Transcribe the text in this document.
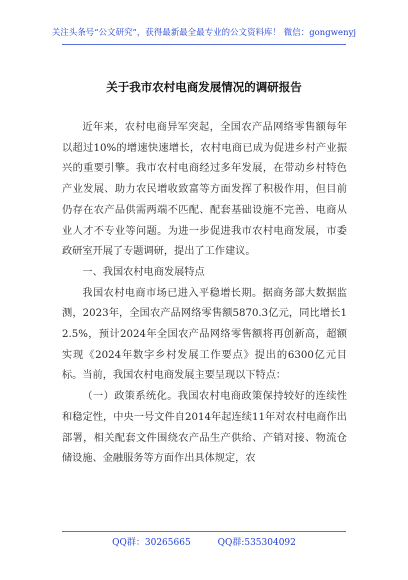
关注头条号“公文研究”，获得最新最全最专业的公文资料库！ 微信：gongwenyj
关于我市农村电商发展情况的调研报告

近年来，农村电商异军突起，全国农产品网络零售额每年以超过10%的增速快速增长，农村电商已成为促进乡村产业振兴的重要引擎。我市农村电商经过多年发展，在带动乡村特色产业发展、助力农民增收致富等方面发挥了积极作用，但目前仍存在农产品供需两端不匹配、配套基础设施不完善、电商从业人才不专业等问题。为进一步促进我市农村电商发展，市委政研室开展了专题调研，提出了工作建议。

一、我国农村电商发展特点

我国农村电商市场已进入平稳增长期。据商务部大数据监测，2023年，全国农产品网络零售额5870.3亿元，同比增长12.5%，预计2024年全国农产品网络零售额将再创新高，超额实现《2024年数字乡村发展工作要点》提出的6300亿元目标。当前，我国农村电商发展主要呈现以下特点：

（一）政策系统化。我国农村电商政策保持较好的连续性和稳定性，中央一号文件自2014年起连续11年对农村电商作出部署，相关配套文件围绕农产品生产供给、产销对接、物流仓储设施、金融服务等方面作出具体规定，农

QQ群：30265665	QQ群:535304092
